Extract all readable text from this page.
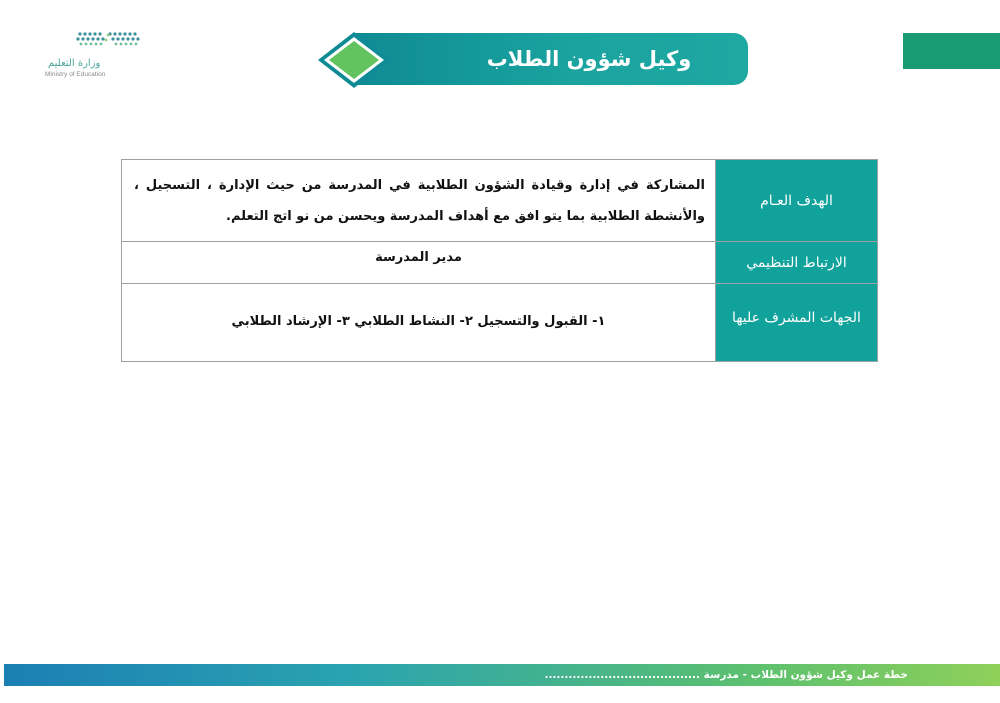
وزارة التعليم
Ministry of Education
وكيل شؤون الطلاب
الهدف العـام	المشاركة في إدارة وقيادة الشؤون الطلابية في المدرسة من حيث الإدارة ، التسجيل ، والأنشطة الطلابية بما يتو افق مع أهداف المدرسة ويحسن من نو اتج التعلم.
الارتباط التنظيمي	مدير المدرسة
الجهات المشرف عليها	١- القبول والتسجيل ٢- النشاط الطلابي ٣- الإرشاد الطلابي
خطة عمل وكيل شؤون الطلاب - مدرسة .......................................
